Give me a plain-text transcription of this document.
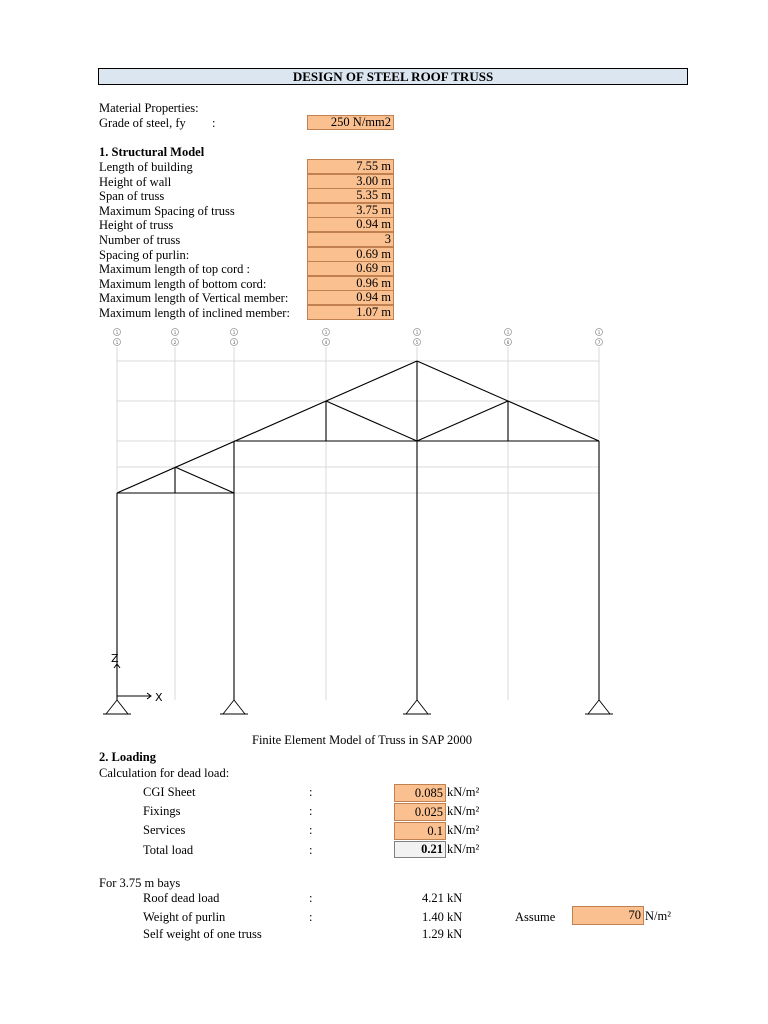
DESIGN OF STEEL ROOF TRUSS
Material Properties:
Grade of steel, fy :	250 N/mm2
1. Structural Model
Length of building	7.55 m
Height of wall	3.00 m
Span of truss	5.35 m
Maximum Spacing of truss	3.75 m
Height of truss	0.94 m
Number of truss	3
Spacing of purlin:	0.69 m
Maximum length of top cord :	0.69 m
Maximum length of bottom cord:	0.96 m
Maximum length of Vertical member:	0.94 m
Maximum length of inclined member:	1.07 m
1
1
1
2
1
3
1
4
1
5
1
6
1
7
Z
X
Finite Element Model of Truss in SAP 2000
2. Loading
Calculation for dead load:
CGI Sheet	:	0.085 kN/m²
Fixings	:	0.025 kN/m²
Services	:	0.1 kN/m²
Total load	:	0.21 kN/m²
For 3.75 m bays
Roof dead load	:	4.21 kN
Weight of purlin	:	1.40 kN	Assume	70 N/m²
Self weight of one truss	1.29 kN
